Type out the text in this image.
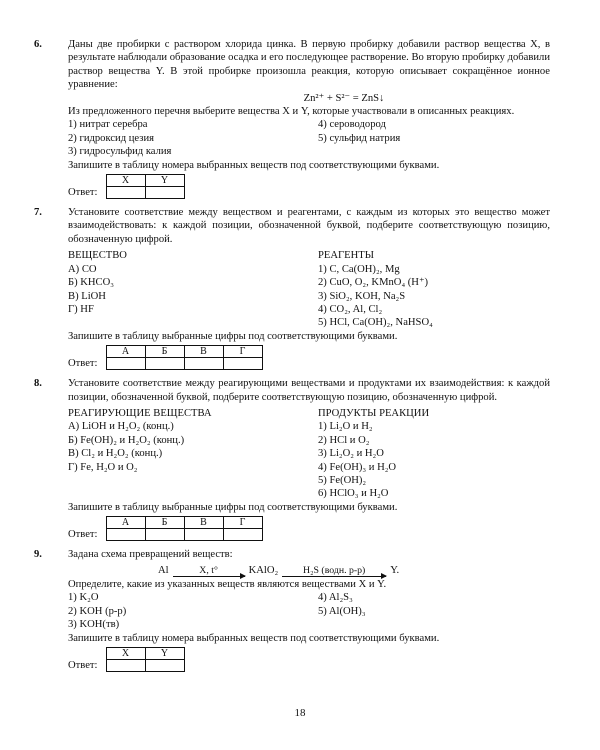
6. Даны две пробирки с раствором хлорида цинка. В первую пробирку добавили раствор вещества X, в результате наблюдали образование осадка и его последующее растворение. Во вторую пробирку добавили раствор вещества Y. В этой пробирке произошла реакция, которую описывает сокращённое ионное уравнение:

Zn²⁺ + S²⁻ = ZnS↓

Из предложенного перечня выберите вещества X и Y, которые участвовали в описанных реакциях.

1) нитрат серебра
2) гидроксид цезия
3) гидросульфид калия
4) сероводород
5) сульфид натрия

Запишите в таблицу номера выбранных веществ под соответствующими буквами.

Ответ:
X	Y

7. Установите соответствие между веществом и реагентами, с каждым из которых это вещество может взаимодействовать: к каждой позиции, обозначенной буквой, подберите соответствующую позицию, обозначенную цифрой.

ВЕЩЕСТВО
А) CO
Б) KHCO₃
В) LiOH
Г) HF
РЕАГЕНТЫ
1) C, Ca(OH)₂, Mg
2) CuO, O₂, KMnO₄ (H⁺)
3) SiO₂, KOH, Na₂S
4) CO₂, Al, Cl₂
5) HCl, Ca(OH)₂, NaHSO₄

Запишите в таблицу выбранные цифры под соответствующими буквами.

Ответ:
А	Б	В	Г

8. Установите соответствие между реагирующими веществами и продуктами их взаимодействия: к каждой позиции, обозначенной буквой, подберите соответствующую позицию, обозначенную цифрой.

РЕАГИРУЮЩИЕ ВЕЩЕСТВА
А) LiOH и H₂O₂ (конц.)
Б) Fe(OH)₂ и H₂O₂ (конц.)
В) Cl₂ и H₂O₂ (конц.)
Г) Fe, H₂O и O₂
ПРОДУКТЫ РЕАКЦИИ
1) Li₂O и H₂
2) HCl и O₂
3) Li₂O₂ и H₂O
4) Fe(OH)₃ и H₂O
5) Fe(OH)₂
6) HClO₃ и H₂O

Запишите в таблицу выбранные цифры под соответствующими буквами.

Ответ:
А	Б	В	Г

9. Задана схема превращений веществ:

Al	X, t°	KAlO₂	H₂S (водн. р-р) Y.

Определите, какие из указанных веществ являются веществами X и Y.

1) K₂O
2) KOH (р-р)
3) KOH(тв)
4) Al₂S₃
5) Al(OH)₃

Запишите в таблицу номера выбранных веществ под соответствующими буквами.

Ответ:
X	Y

18
